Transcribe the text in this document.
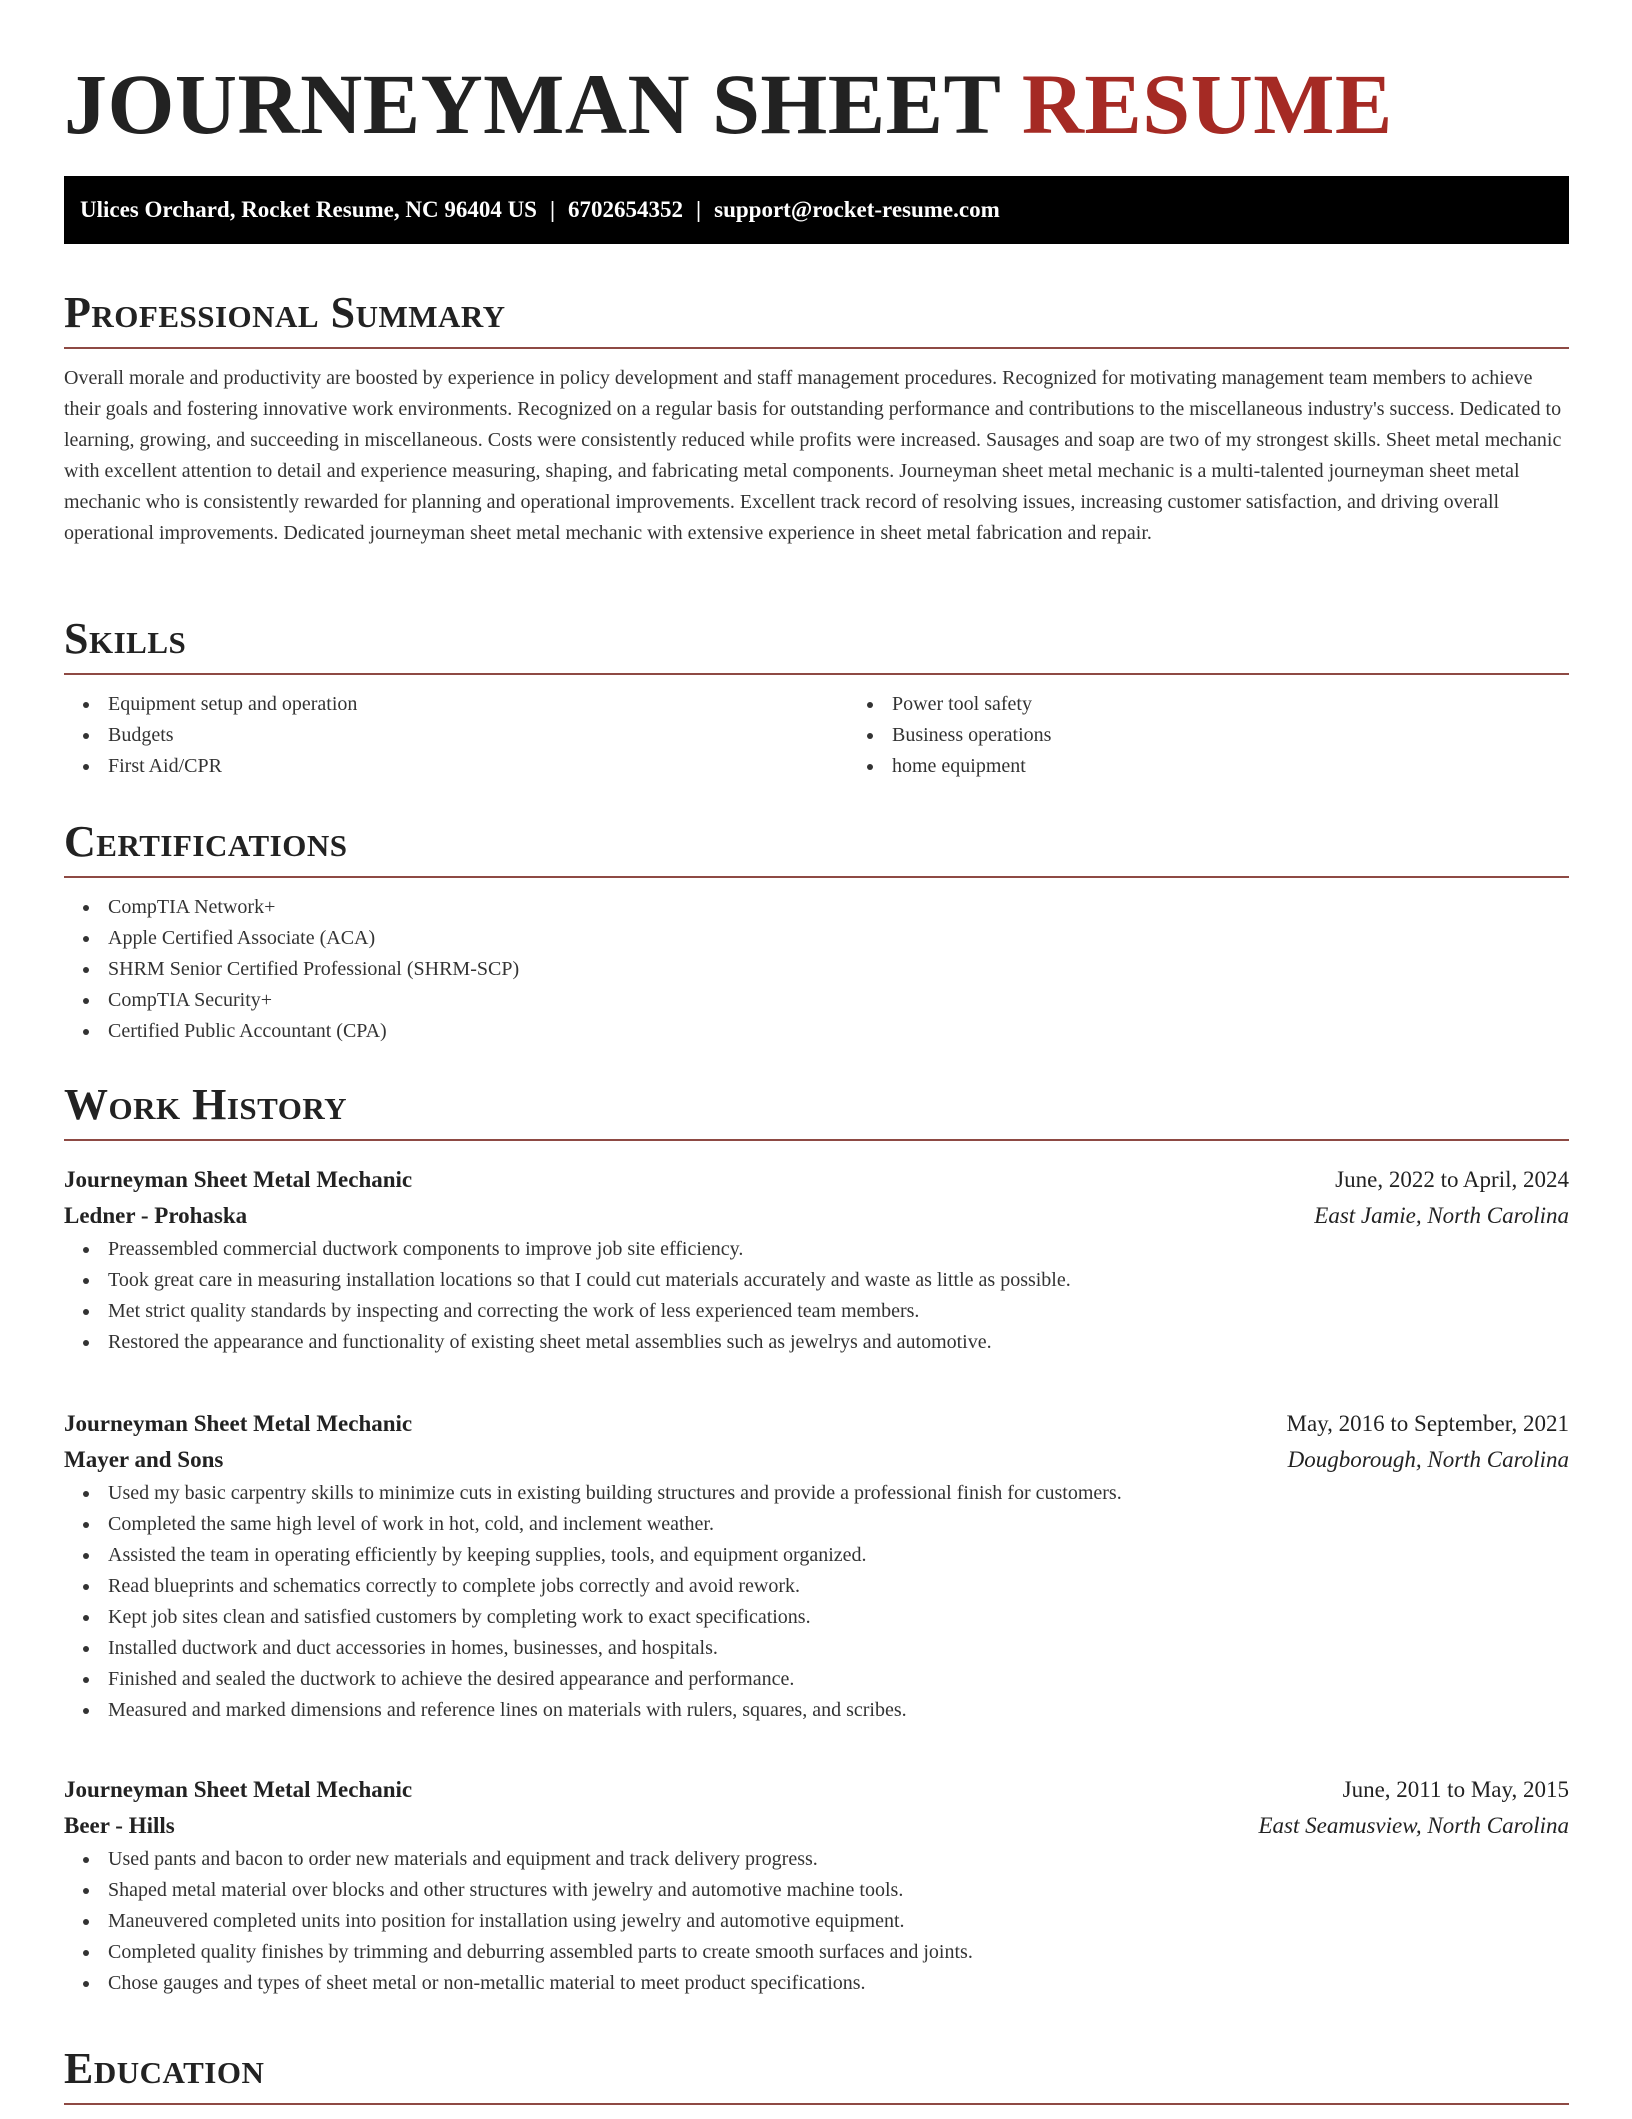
JOURNEYMAN SHEET RESUME
Ulices Orchard, Rocket Resume, NC 96404 US | 6702654352 | support@rocket-resume.com
Professional Summary

Overall morale and productivity are boosted by experience in policy development and staff management procedures. Recognized for motivating management team members to achieve their goals and fostering innovative work environments. Recognized on a regular basis for outstanding performance and contributions to the miscellaneous industry's success. Dedicated to learning, growing, and succeeding in miscellaneous. Costs were consistently reduced while profits were increased. Sausages and soap are two of my strongest skills. Sheet metal mechanic with excellent attention to detail and experience measuring, shaping, and fabricating metal components. Journeyman sheet metal mechanic is a multi-talented journeyman sheet metal mechanic who is consistently rewarded for planning and operational improvements. Excellent track record of resolving issues, increasing customer satisfaction, and driving overall operational improvements. Dedicated journeyman sheet metal mechanic with extensive experience in sheet metal fabrication and repair.

Skills
Equipment setup and operation
Budgets
First Aid/CPR
Power tool safety
Business operations
home equipment
Certifications
CompTIA Network+
Apple Certified Associate (ACA)
SHRM Senior Certified Professional (SHRM-SCP)
CompTIA Security+
Certified Public Accountant (CPA)
Work History
Journeyman Sheet Metal Mechanic	June, 2022 to April, 2024
Ledner - Prohaska	East Jamie, North Carolina
Preassembled commercial ductwork components to improve job site efficiency.
Took great care in measuring installation locations so that I could cut materials accurately and waste as little as possible.
Met strict quality standards by inspecting and correcting the work of less experienced team members.
Restored the appearance and functionality of existing sheet metal assemblies such as jewelrys and automotive.
Journeyman Sheet Metal Mechanic	May, 2016 to September, 2021
Mayer and Sons	Dougborough, North Carolina
Used my basic carpentry skills to minimize cuts in existing building structures and provide a professional finish for customers.
Completed the same high level of work in hot, cold, and inclement weather.
Assisted the team in operating efficiently by keeping supplies, tools, and equipment organized.
Read blueprints and schematics correctly to complete jobs correctly and avoid rework.
Kept job sites clean and satisfied customers by completing work to exact specifications.
Installed ductwork and duct accessories in homes, businesses, and hospitals.
Finished and sealed the ductwork to achieve the desired appearance and performance.
Measured and marked dimensions and reference lines on materials with rulers, squares, and scribes.
Journeyman Sheet Metal Mechanic	June, 2011 to May, 2015
Beer - Hills	East Seamusview, North Carolina
Used pants and bacon to order new materials and equipment and track delivery progress.
Shaped metal material over blocks and other structures with jewelry and automotive machine tools.
Maneuvered completed units into position for installation using jewelry and automotive equipment.
Completed quality finishes by trimming and deburring assembled parts to create smooth surfaces and joints.
Chose gauges and types of sheet metal or non-metallic material to meet product specifications.
Education
